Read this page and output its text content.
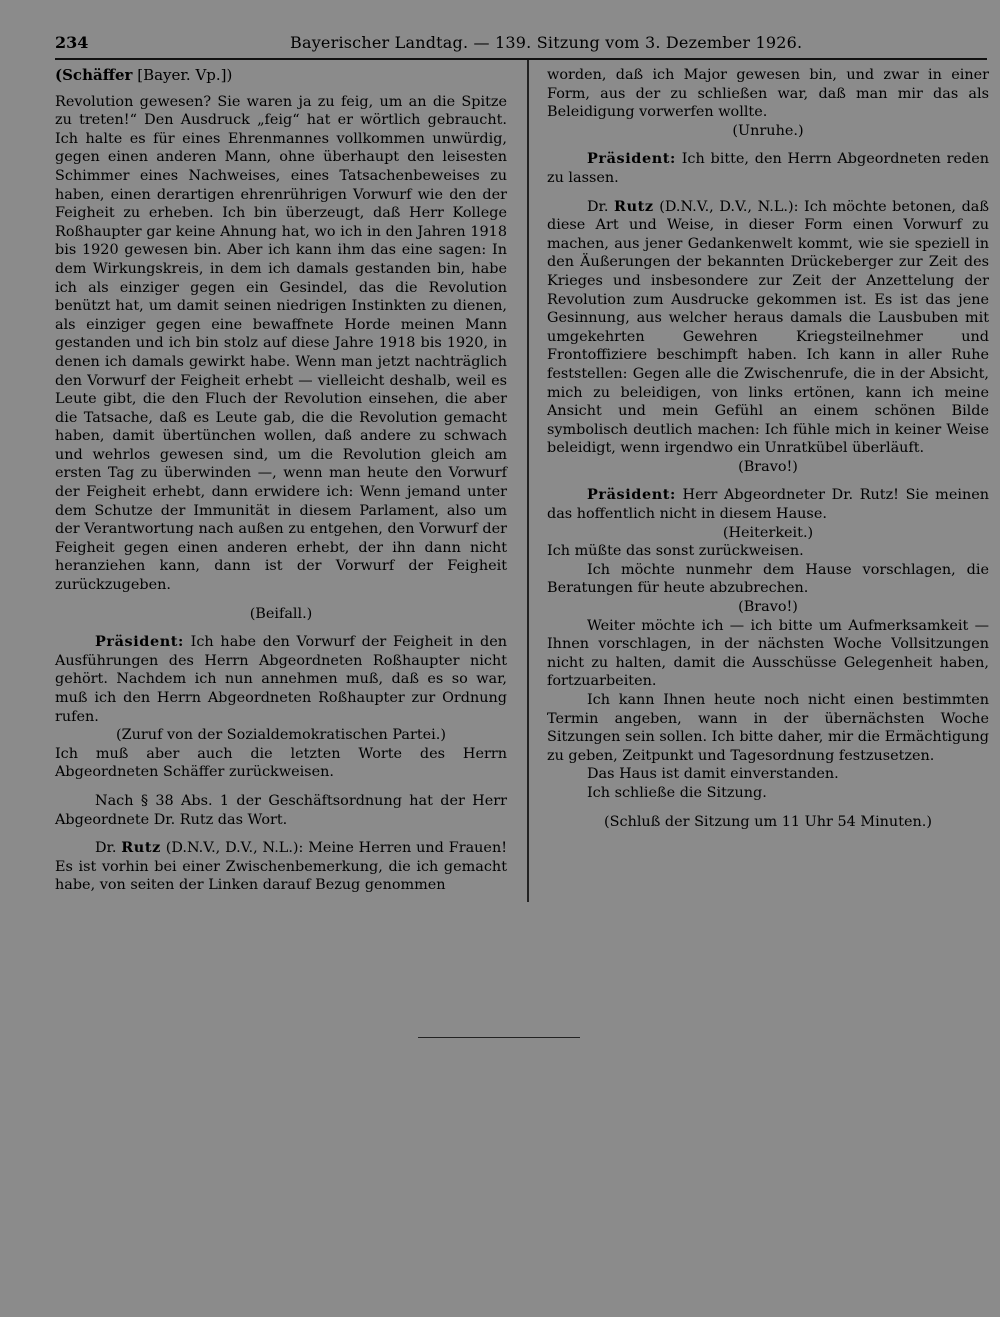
234	Bayerischer Landtag. — 139. Sitzung vom 3. Dezember 1926.

(Schäffer [Bayer. Vp.])

Revolution gewesen? Sie waren ja zu feig, um an die Spitze zu treten!“ Den Ausdruck „feig“ hat er wörtlich gebraucht. Ich halte es für eines Ehrenmannes vollkommen unwürdig, gegen einen anderen Mann, ohne überhaupt den leisesten Schimmer eines Nachweises, eines Tatsachenbeweises zu haben, einen derartigen ehrenrührigen Vorwurf wie den der Feigheit zu erheben. Ich bin überzeugt, daß Herr Kollege Roßhaupter gar keine Ahnung hat, wo ich in den Jahren 1918 bis 1920 gewesen bin. Aber ich kann ihm das eine sagen: In dem Wirkungskreis, in dem ich damals gestanden bin, habe ich als einziger gegen ein Gesindel, das die Revolution benützt hat, um damit seinen niedrigen Instinkten zu dienen, als einziger gegen eine bewaffnete Horde meinen Mann gestanden und ich bin stolz auf diese Jahre 1918 bis 1920, in denen ich damals gewirkt habe. Wenn man jetzt nachträglich den Vorwurf der Feigheit erhebt — vielleicht deshalb, weil es Leute gibt, die den Fluch der Revolution einsehen, die aber die Tatsache, daß es Leute gab, die die Revolution gemacht haben, damit übertünchen wollen, daß andere zu schwach und wehrlos gewesen sind, um die Revolution gleich am ersten Tag zu überwinden —, wenn man heute den Vorwurf der Feigheit erhebt, dann erwidere ich: Wenn jemand unter dem Schutze der Immunität in diesem Parlament, also um der Verantwortung nach außen zu entgehen, den Vorwurf der Feigheit gegen einen anderen erhebt, der ihn dann nicht heranziehen kann, dann ist der Vorwurf der Feigheit zurückzugeben.

(Beifall.)

Präsident: Ich habe den Vorwurf der Feigheit in den Ausführungen des Herrn Abgeordneten Roßhaupter nicht gehört. Nachdem ich nun annehmen muß, daß es so war, muß ich den Herrn Abgeordneten Roßhaupter zur Ordnung rufen.

(Zuruf von der Sozialdemokratischen Partei.)

Ich muß aber auch die letzten Worte des Herrn Abgeordneten Schäffer zurückweisen.

Nach § 38 Abs. 1 der Geschäftsordnung hat der Herr Abgeordnete Dr. Rutz das Wort.

Dr. Rutz (D.N.V., D.V., N.L.): Meine Herren und Frauen! Es ist vorhin bei einer Zwischenbemerkung, die ich gemacht habe, von seiten der Linken darauf Bezug genommen

worden, daß ich Major gewesen bin, und zwar in einer Form, aus der zu schließen war, daß man mir das als Beleidigung vorwerfen wollte.

(Unruhe.)

Präsident: Ich bitte, den Herrn Abgeordneten reden zu lassen.

Dr. Rutz (D.N.V., D.V., N.L.): Ich möchte betonen, daß diese Art und Weise, in dieser Form einen Vorwurf zu machen, aus jener Gedankenwelt kommt, wie sie speziell in den Äußerungen der bekannten Drückeberger zur Zeit des Krieges und insbesondere zur Zeit der Anzettelung der Revolution zum Ausdrucke gekommen ist. Es ist das jene Gesinnung, aus welcher heraus damals die Lausbuben mit umgekehrten Gewehren Kriegsteilnehmer und Frontoffiziere beschimpft haben. Ich kann in aller Ruhe feststellen: Gegen alle die Zwischenrufe, die in der Absicht, mich zu beleidigen, von links ertönen, kann ich meine Ansicht und mein Gefühl an einem schönen Bilde symbolisch deutlich machen: Ich fühle mich in keiner Weise beleidigt, wenn irgendwo ein Unratkübel überläuft.

(Bravo!)

Präsident: Herr Abgeordneter Dr. Rutz! Sie meinen das hoffentlich nicht in diesem Hause.

(Heiterkeit.)

Ich müßte das sonst zurückweisen.

Ich möchte nunmehr dem Hause vorschlagen, die Beratungen für heute abzubrechen.

(Bravo!)

Weiter möchte ich — ich bitte um Aufmerksamkeit — Ihnen vorschlagen, in der nächsten Woche Vollsitzungen nicht zu halten, damit die Ausschüsse Gelegenheit haben, fortzuarbeiten.

Ich kann Ihnen heute noch nicht einen bestimmten Termin angeben, wann in der übernächsten Woche Sitzungen sein sollen. Ich bitte daher, mir die Ermächtigung zu geben, Zeitpunkt und Tagesordnung festzusetzen.

Das Haus ist damit einverstanden.

Ich schließe die Sitzung.

(Schluß der Sitzung um 11 Uhr 54 Minuten.)
